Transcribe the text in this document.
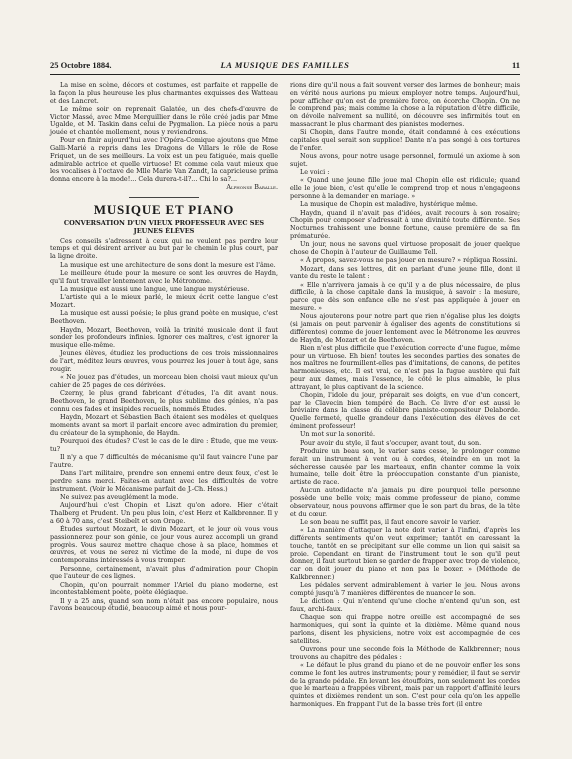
25 Octobre 1884.	LA MUSIQUE DES FAMILLES	11

La mise en scène, décors et costumes, est parfaite et rappelle de la façon la plus heureuse les plus charmantes exquisses des Watteau et des Lancret.

Le même soir on reprenait Galatée, un des chefs-d'œuvre de Victor Massé, avec Mme Merguillier dans le rôle créé jadis par Mme Ugalde, et M. Taskin dans celui de Pygmalion. La pièce nous a paru jouée et chantée mollement, nous y reviendrons.

Pour en finir aujourd'hui avec l'Opéra-Comique ajoutons que Mme Galli-Marié a repris dans les Dragons de Villars le rôle de Rose Friquet, un de ses meilleurs. La voix est un peu fatiguée, mais quelle admirable actrice et quelle virtuose! Et comme cela vaut mieux que les vocalises à l'octave de Mlle Marie Van Zandt, la capricieuse prima donna encore à la mode!... Cela durera-t-il?... Chi lo sa?...

Alphonse Baralle.

MUSIQUE ET PIANO
CONVERSATION D'UN VIEUX PROFESSEUR AVEC SES JEUNES ÉLÈVES

Ces conseils s'adressent à ceux qui ne veulent pas perdre leur temps et qui désirent arriver au but par le chemin le plus court, par la ligne droite.

La musique est une architecture de sons dont la mesure est l'âme.

Le meilleure étude pour la mesure ce sont les œuvres de Haydn, qu'il faut travailler lentement avec le Métronome.

La musique est aussi une langue, une langue mystérieuse.

L'artiste qui a le mieux parlé, le mieux écrit cette langue c'est Mozart.

La musique est aussi poésie; le plus grand poète en musique, c'est Beethoven.

Haydn, Mozart, Beethoven, voilà la trinité musicale dont il faut sonder les profondeurs infinies. Ignorer ces maîtres, c'est ignorer la musique elle-même.

Jeunes élèves, étudiez les productions de ces trois missionnaires de l'art, méditez leurs œuvres, vous pourrez les jouer à tout âge, sans rougir.

« Ne jouez pas d'études, un morceau bien choisi vaut mieux qu'un cahier de 25 pages de ces dérivées.

Czerny, le plus grand fabricant d'études, l'a dit avant nous. Beethoven, le grand Beethoven, le plus sublime des génies, n'a pas connu ces fades et insipides recueils, nommés Études.

Haydn, Mozart et Sébastien Bach étaient ses modèles et quelques moments avant sa mort il parlait encore avec admiration du premier, du créateur de la symphonie, de Haydn.

Pourquoi des études? C'est le cas de le dire : Étude, que me veux-tu?

Il n'y a que 7 difficultés de mécanisme qu'il faut vaincre l'une par l'autre.

Dans l'art militaire, prendre son ennemi entre deux feux, c'est le perdre sans merci. Faites-en autant avec les difficultés de votre instrument. (Voir le Mécanisme parfait de J.-Ch. Hess.)

Ne suivez pas aveuglément la mode.

Aujourd'hui c'est Chopin et Liszt qu'on adore. Hier c'était Thalberg et Prudent. Un peu plus loin, c'est Herz et Kalkbrenner. Il y a 60 à 70 ans, c'est Steibelt et son Orage.

Études surtout Mozart, le divin Mozart, et le jour où vous vous passionnerez pour son génie, ce jour vous aurez accompli un grand progrès. Vous saurez mettre chaque chose à sa place, hommes et œuvres, et vous ne serez ni victime de la mode, ni dupe de vos contemporains intéressés à vous tromper.

Personne, certainement, n'avait plus d'admiration pour Chopin que l'auteur de ces lignes.

Chopin, qu'on pourrait nommer l'Ariel du piano moderne, est incontestablement poète, poète élégiaque.

Il y a 25 ans, quand son nom n'était pas encore populaire, nous l'avons beaucoup étudié, beaucoup aimé et nous pour-

rions dire qu'il nous a fait souvent verser des larmes de bonheur; mais en vérité nous aurions pu mieux employer notre temps. Aujourd'hui, pour afficher qu'on est de première force, on écorche Chopin. On ne le comprend pas; mais comme la chose a la réputation d'être difficile, on dévoile naïvement sa nullité, on découvre ses infirmités tout en massacrant le plus charmant des pianistes modernes.

Si Chopin, dans l'autre monde, était condamné à ces exécutions capitales quel serait son supplice! Dante n'a pas songé à ces tortures de l'enfer.

Nous avons, pour notre usage personnel, formulé un axiome à son sujet.

Le voici :

« Quand une jeune fille joue mal Chopin elle est ridicule; quand elle le joue bien, c'est qu'elle le comprend trop et nous n'engageons personne à la demander en mariage. »

La musique de Chopin est maladive, hystérique même.

Haydn, quand il n'avait pas d'idées, avait recours à son rosaire; Chopin pour composer s'adressait à une divinité toute différente. Ses Nocturnes trahissent une bonne fortune, cause première de sa fin prématurée.

Un jour, nous ne savons quel virtuose proposait de jouer quelque chose de Chopin à l'auteur de Guillaume Tell.

« À propos, savez-vous ne pas jouer en mesure? » répliqua Rossini.

Mozart, dans ses lettres, dit en parlant d'une jeune fille, dont il vante du reste le talent :

« Elle n'arrivera jamais à ce qu'il y a de plus nécessaire, de plus difficile, à la chose capitale dans la musique, à savoir : la mesure, parce que dès son enfance elle ne s'est pas appliquée à jouer en mesure. »

Nous ajouterons pour notre part que rien n'égalise plus les doigts (si jamais on peut parvenir à égaliser des agents de constitutions si différentes) comme de jouer lentement avec le Métronome les œuvres de Haydn, de Mozart et de Beethoven.

Rien n'est plus difficile que l'exécution correcte d'une fugue, même pour un virtuose. Eh bien! toutes les secondes parties des sonates de nos maîtres ne fourmillent-elles pas d'imitations, de canons, de petites harmonieuses, etc. Il est vrai, ce n'est pas la fugue austère qui fait peur aux dames, mais l'essence, le côté le plus aimable, le plus attrayant, le plus captivant de la science.

Chopin, l'idole du jour, préparait ses doigts, en vue d'un concert, par le Clavecin bien tempéré de Bach. Ce livre d'or est aussi le bréviaire dans la classe du célèbre pianiste-compositeur Delaborde. Quelle fermeté, quelle grandeur dans l'exécution des élèves de cet éminent professeur!

Un mot sur la sonorité.

Pour avoir du style, il faut s'occuper, avant tout, du son.

Produire un beau son, le varier sans cesse, le prolonger comme ferait un instrument à vent ou à cordes, éteindre en un mot la sécheresse causée par les marteaux, enfin chanter comme la voix humaine, telle doit être la préoccupation constante d'un pianiste, artiste de race.

Aucun autodidacte n'a jamais pu dire pourquoi telle personne possède une belle voix; mais comme professeur de piano, comme observateur, nous pouvons affirmer que le son part du bras, de la tête et du cœur.

Le son beau ne suffit pas, il faut encore savoir le varier.

« La manière d'attaquer la note doit varier à l'infini, d'après les différents sentiments qu'on veut exprimer; tantôt en caressant la touche, tantôt en se précipitant sur elle comme un lion qui saisit sa proie. Cependant en tirant de l'instrument tout le son qu'il peut donner, il faut surtout bien se garder de frapper avec trop de violence, car on doit jouer du piano et non pas le boxer. » (Méthode de Kalkbrenner.)

Les pédales servent admirablement à varier le jeu. Nous avons compté jusqu'à 7 manières différentes de nuancer le son.

Le diction : Qui n'entend qu'une cloche n'entend qu'un son, est faux, archi-faux.

Chaque son qui frappe notre oreille est accompagné de ses harmoniques, qui sont la quinte et la dixième. Même quand nous parlons, disent les physiciens, notre voix est accompagnée de ces satellites.

Ouvrons pour une seconde fois la Méthode de Kalkbrenner; nous trouvons au chapitre des pédales :

« Le défaut le plus grand du piano et de ne pouvoir enfler les sons comme le font les autres instruments; pour y remédier, il faut se servir de la grande pédale. En levant les étouffoirs, non seulement les cordes que le marteau a frappées vibrent, mais par un rapport d'affinité leurs quintes et dixièmes rendent un son. C'est pour cela qu'on les appelle harmoniques. En frappant l'ut de la basse très fort (il entre
